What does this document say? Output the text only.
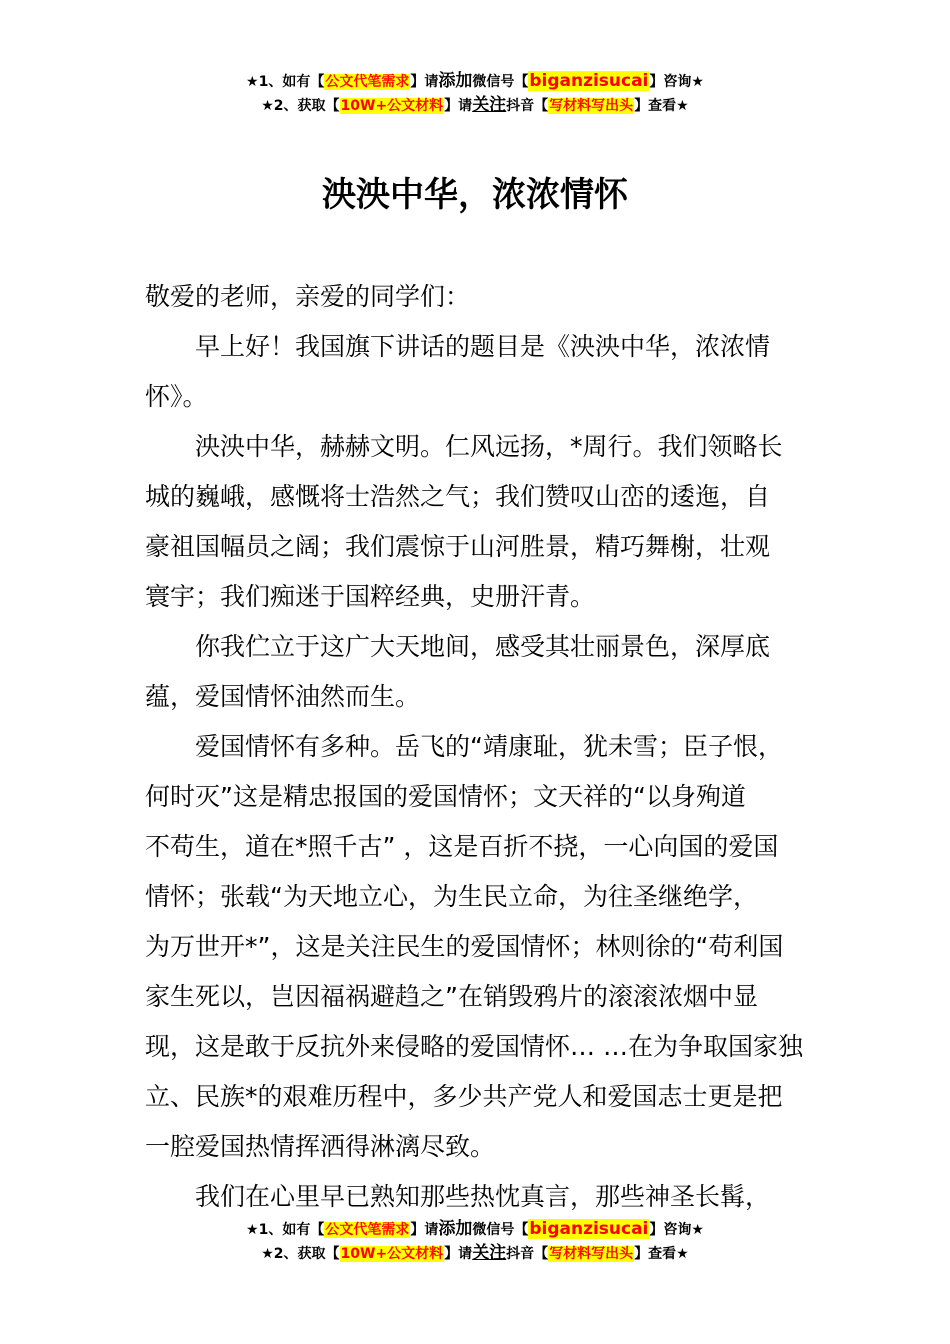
★1、如有【公文代笔需求】请添加微信号【biganzisucai】咨询★
★2、获取【10W+公文材料】请关注抖音【写材料写出头】查看★
泱泱中华，浓浓情怀

敬爱的老师，亲爱的同学们：

早上好！我国旗下讲话的题目是《泱泱中华，浓浓情
怀》。

泱泱中华，赫赫文明。仁风远扬，*周行。我们领略长
城的巍峨，感慨将士浩然之气；我们赞叹山峦的逶迤，自
豪祖国幅员之阔；我们震惊于山河胜景，精巧舞榭，壮观
寰宇；我们痴迷于国粹经典，史册汗青。

你我伫立于这广大天地间，感受其壮丽景色，深厚底
蕴，爱国情怀油然而生。

爱国情怀有多种。岳飞的“靖康耻，犹未雪；臣子恨，
何时灭”这是精忠报国的爱国情怀；文天祥的“以身殉道
不苟生，道在*照千古” ，这是百折不挠，一心向国的爱国
情怀；张载“为天地立心，为生民立命，为往圣继绝学，
为万世开*”，这是关注民生的爱国情怀；林则徐的“苟利国
家生死以，岂因福祸避趋之”在销毁鸦片的滚滚浓烟中显
现，这是敢于反抗外来侵略的爱国情怀… …在为争取国家独
立、民族*的艰难历程中，多少共产党人和爱国志士更是把
一腔爱国热情挥洒得淋漓尽致。

我们在心里早已熟知那些热忱真言，那些神圣长髯，

★1、如有【公文代笔需求】请添加微信号【biganzisucai】咨询★
★2、获取【10W+公文材料】请关注抖音【写材料写出头】查看★
